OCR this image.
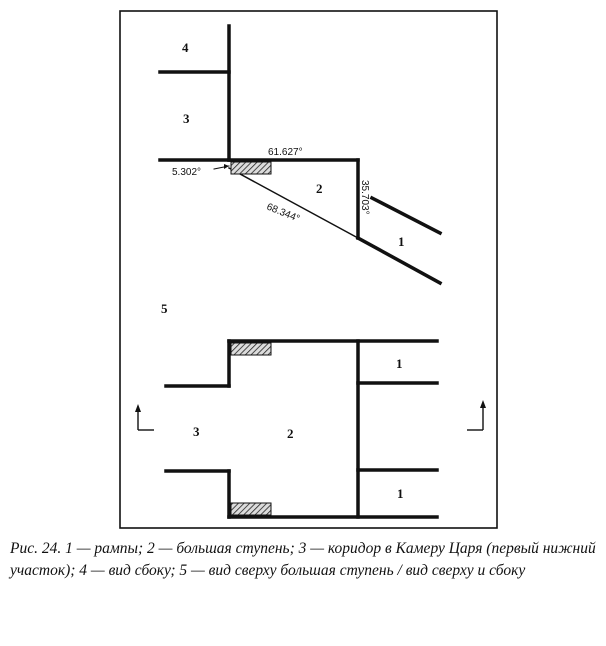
4
3
2
1
5.302°
61.627°
35.703°
68.344°
5
3	2
1
1
Рис. 24. 1 — рампы; 2 — большая ступень; 3 — коридор в Камеру Царя (первый нижний участок); 4 — вид сбоку; 5 — вид сверху большая ступень / вид сверху и сбоку
